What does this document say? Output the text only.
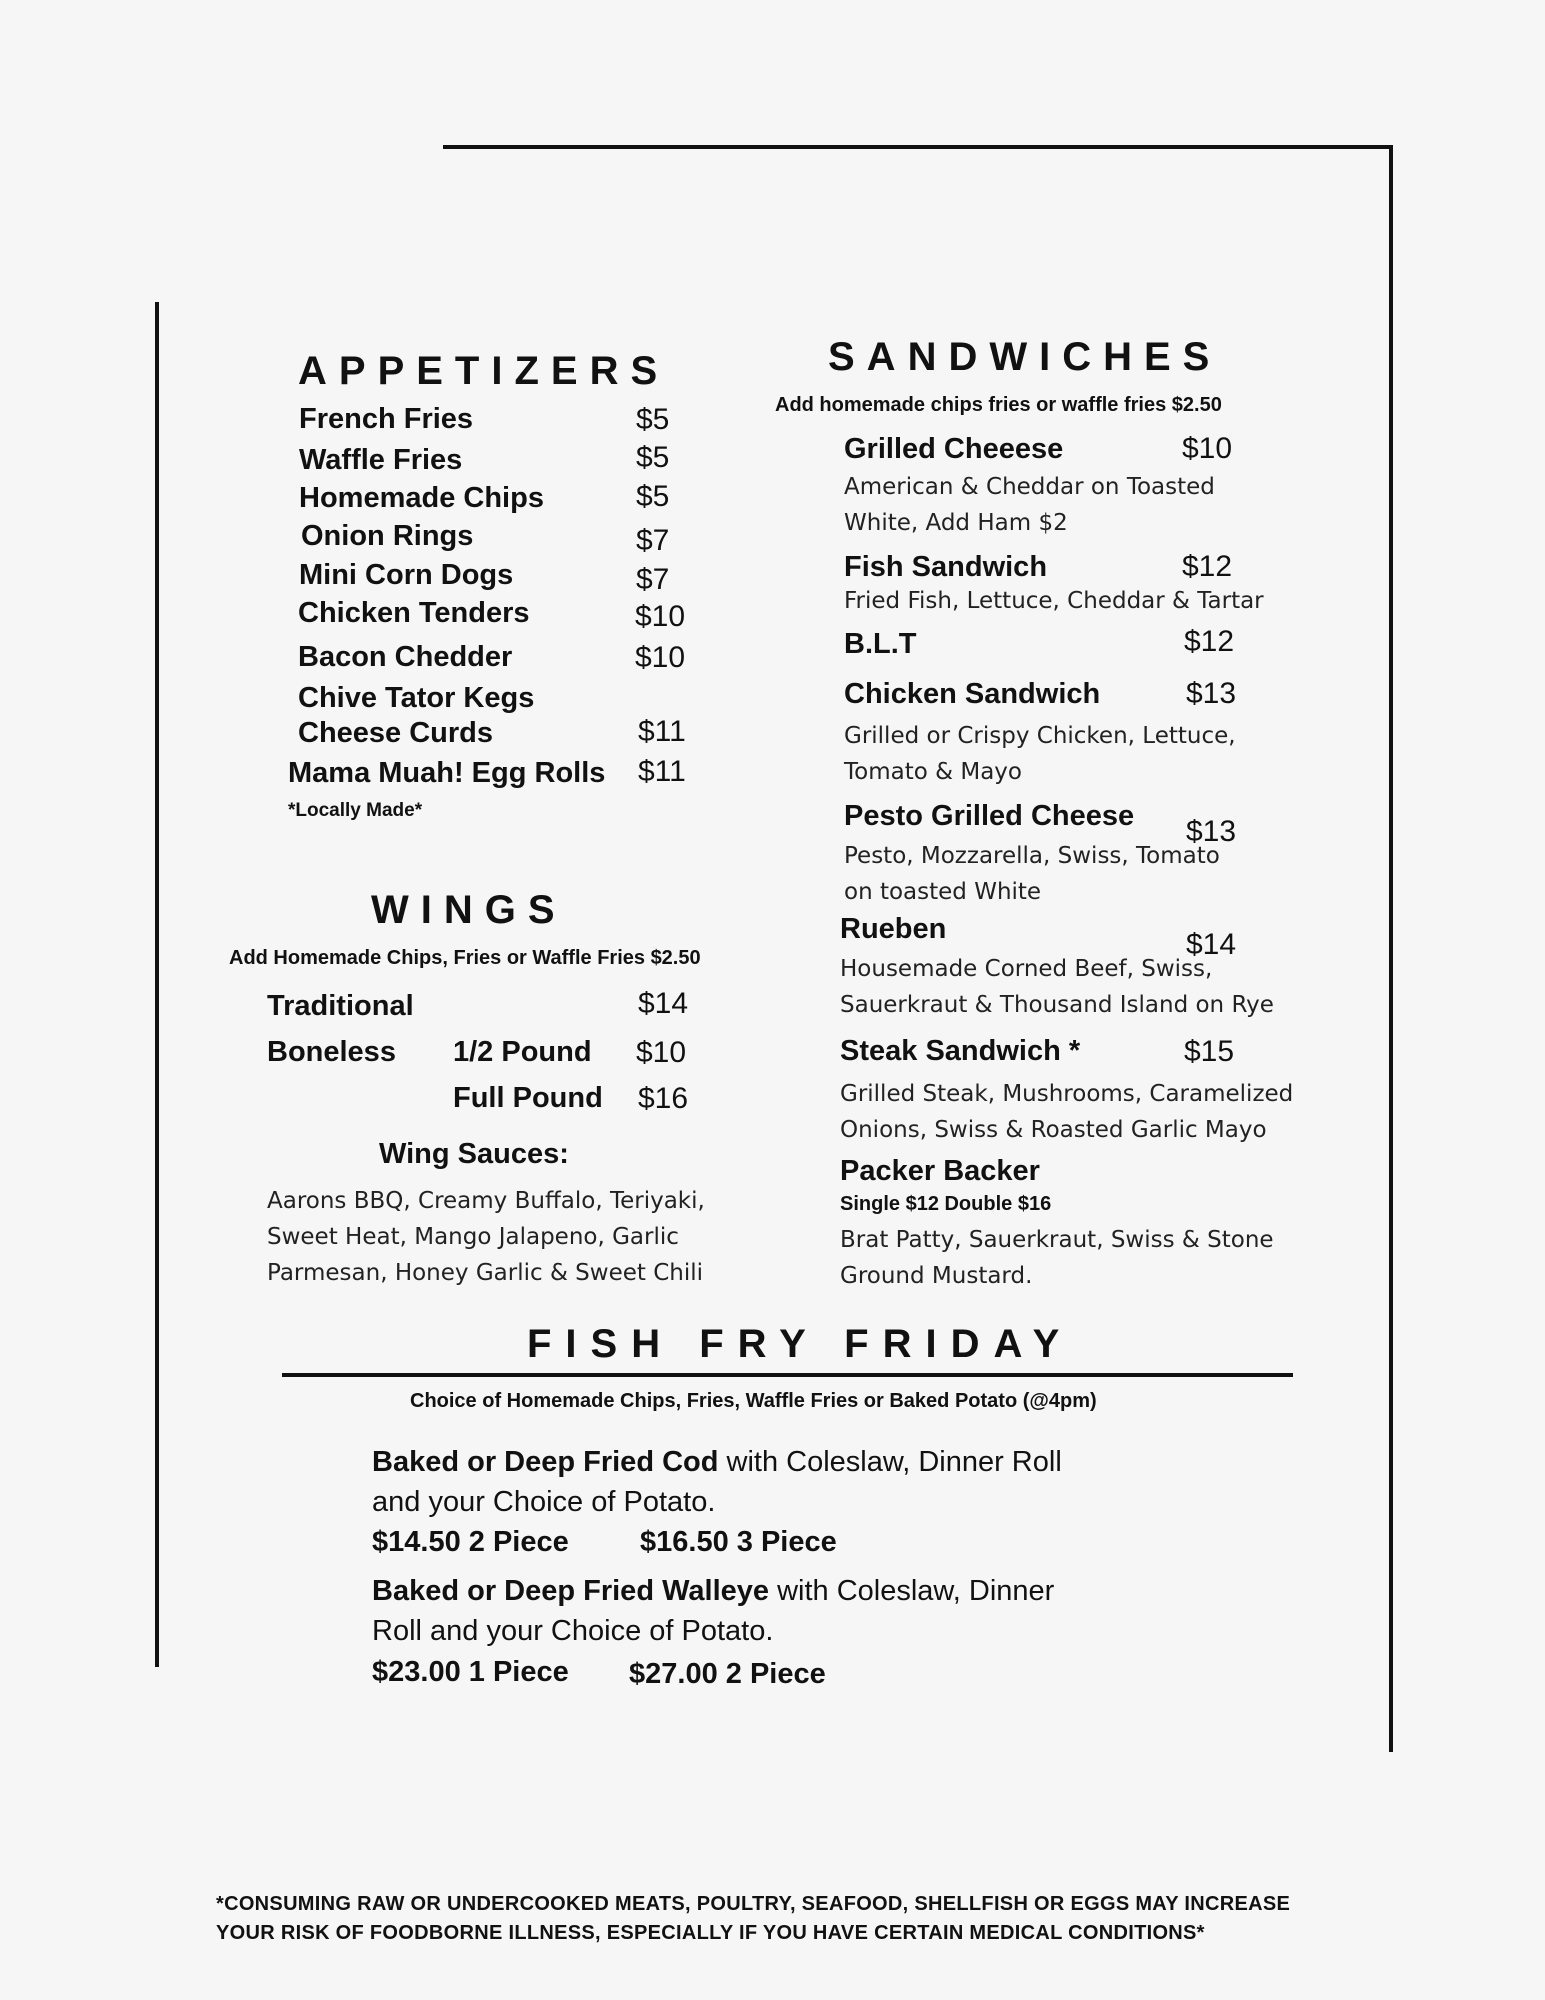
APPETIZERS
French Fries	$5
Waffle Fries	$5
Homemade Chips	$5
Onion Rings	$7
Mini Corn Dogs	$7
Chicken Tenders	$10
Bacon Chedder	$10
Chive Tator Kegs
Cheese Curds	$11
Mama Muah! Egg Rolls $11
*Locally Made*
WINGS
Add Homemade Chips, Fries or Waffle Fries $2.50
Traditional	$14
Boneless 1/2 Pound $10
Full Pound $16
Wing Sauces:
Aarons BBQ, Creamy Buffalo, Teriyaki,
Sweet Heat, Mango Jalapeno, Garlic
Parmesan, Honey Garlic & Sweet Chili
SANDWICHES
Add homemade chips fries or waffle fries $2.50
Grilled Cheeese	$10
American & Cheddar on Toasted
White, Add Ham $2
Fish Sandwich	$12
Fried Fish, Lettuce, Cheddar & Tartar
B.L.T	$12
Chicken Sandwich	$13
Grilled or Crispy Chicken, Lettuce,
Tomato & Mayo
Pesto Grilled Cheese $13
Pesto, Mozzarella, Swiss, Tomato
on toasted White
Rueben	$14
Housemade Corned Beef, Swiss,
Sauerkraut & Thousand Island on Rye
Steak Sandwich *	$15
Grilled Steak, Mushrooms, Caramelized
Onions, Swiss & Roasted Garlic Mayo
Packer Backer
Single $12 Double $16
Brat Patty, Sauerkraut, Swiss & Stone
Ground Mustard.
FISH FRY FRIDAY
Choice of Homemade Chips, Fries, Waffle Fries or Baked Potato (@4pm)
Baked or Deep Fried Cod with Coleslaw, Dinner Roll
and your Choice of Potato.
$14.50 2 Piece $16.50 3 Piece
Baked or Deep Fried Walleye with Coleslaw, Dinner
Roll and your Choice of Potato.
$23.00 1 Piece $27.00 2 Piece
*CONSUMING RAW OR UNDERCOOKED MEATS, POULTRY, SEAFOOD, SHELLFISH OR EGGS MAY INCREASE
YOUR RISK OF FOODBORNE ILLNESS, ESPECIALLY IF YOU HAVE CERTAIN MEDICAL CONDITIONS*
